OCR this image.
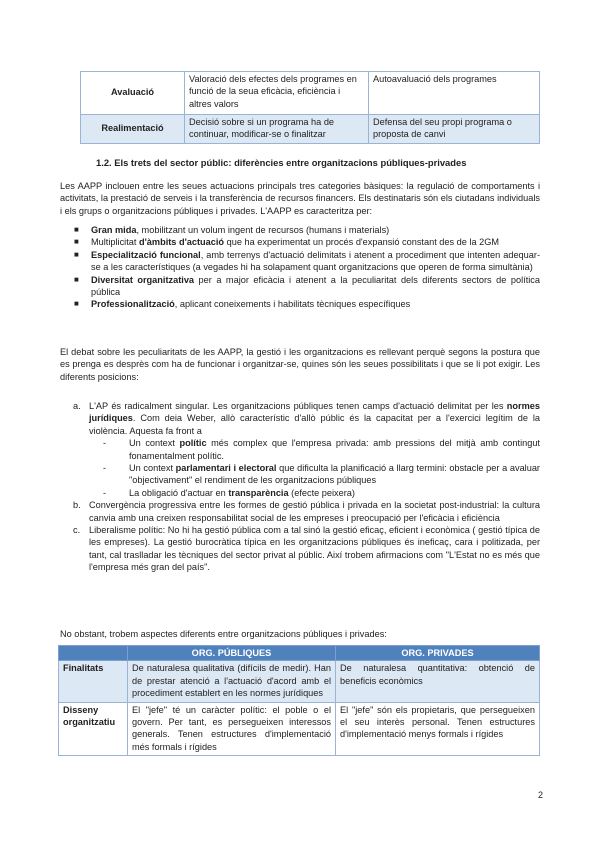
Avaluació	Valoració dels efectes dels programes en funció de la seua eficàcia, eficiència i altres valors	Autoavaluació dels programes
Realimentació	Decisió sobre si un programa ha de continuar, modificar-se o finalitzar	Defensa del seu propi programa o proposta de canvi
1.2. Els trets del sector públic: diferències entre organitzacions públiques-privades

Les AAPP inclouen entre les seues actuacions principals tres categories bàsiques: la regulació de comportaments i activitats, la prestació de serveis i la transferència de recursos financers. Els destinataris són els ciutadans individuals i els grups o organitzacions públiques i privades. L'AAPP es caracteritza per:

■ Gran mida, mobilitzant un volum ingent de recursos (humans i materials)
■ Multiplicitat d'àmbits d'actuació que ha experimentat un procés d'expansió constant des de la 2GM
■ Especialització funcional, amb terrenys d'actuació delimitats i atenent a procediment que intenten adequar-se a les característiques (a vegades hi ha solapament quant organitzacions que operen de forma simultània)
■ Diversitat organitzativa per a major eficàcia i atenent a la peculiaritat dels diferents sectors de política pública
■ Professionalització, aplicant coneixements i habilitats tècniques específiques

El debat sobre les peculiaritats de les AAPP, la gestió i les organitzacions es rellevant perquè segons la postura que es prenga es desprès com ha de funcionar i organitzar-se, quines són les seues possibilitats i que se li pot exigir. Les diferents posicions:

a. L'AP és radicalment singular. Les organitzacions públiques tenen camps d'actuació delimitat per les normes jurídiques. Com deia Weber, allò característic d'allò públic és la capacitat per a l'exercici legítim de la violència. Aquesta fa front a
- Un context polític més complex que l'empresa privada: amb pressions del mitjà amb contingut fonamentalment polític.
- Un context parlamentari i electoral que dificulta la planificació a llarg termini: obstacle per a avaluar "objectivament" el rendiment de les organitzacions públiques
- La obligació d'actuar en transparència (efecte peixera)
b. Convergència progressiva entre les formes de gestió pública i privada en la societat post-industrial: la cultura canvia amb una creixen responsabilitat social de les empreses i preocupació per l'eficàcia i eficiència
c. Liberalisme polític: No hi ha gestió pública com a tal sinó la gestió eficaç, eficient i econòmica ( gestió típica de les empreses). La gestió burocràtica típica en les organitzacions públiques és ineficaç, cara i politizada, per tant, cal traslladar les tècniques del sector privat al públic. Així trobem afirmacions com "L'Estat no es més que l'empresa més gran del país".

No obstant, trobem aspectes diferents entre organitzacions públiques i privades:

	ORG. PÚBLIQUES	ORG. PRIVADES
Finalitats	De naturalesa qualitativa (difícils de medir). Han de prestar atenció a l'actuació d'acord amb el procediment establert en les normes jurídiques	De naturalesa quantitativa: obtenció de beneficis econòmics
Disseny organitzatiu	El "jefe" té un caràcter polític: el poble o el govern. Per tant, es persegueixen interessos generals. Tenen estructures d'implementació més formals i rígides	El "jefe" són els propietaris, que persegueixen el seu interès personal. Tenen estructures d'implementació menys formals i rígides
2
